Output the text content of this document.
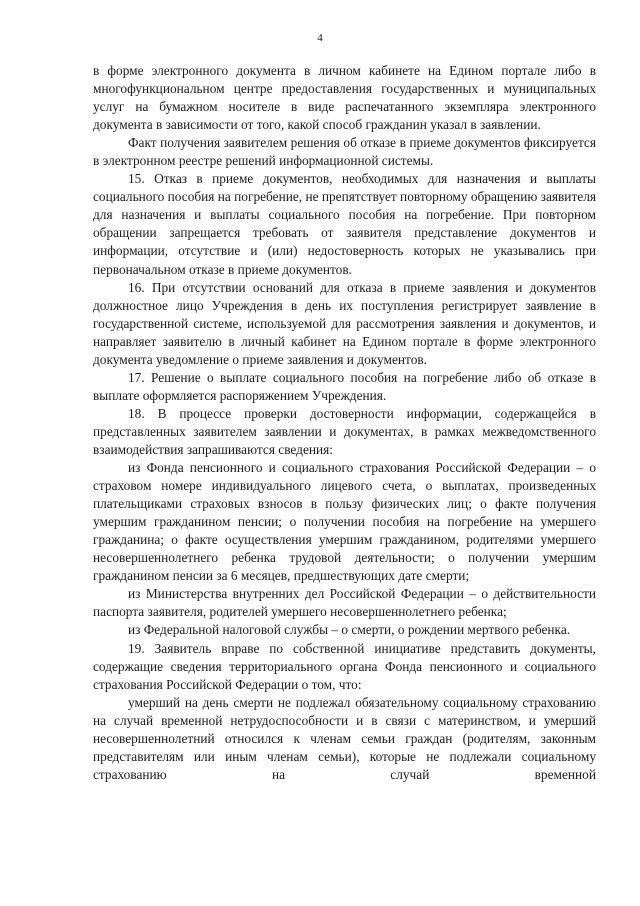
4

в форме электронного документа в личном кабинете на Едином портале либо в многофункциональном центре предоставления государственных и муниципальных услуг на бумажном носителе в виде распечатанного экземпляра электронного документа в зависимости от того, какой способ гражданин указал в заявлении.

Факт получения заявителем решения об отказе в приеме документов фиксируется в электронном реестре решений информационной системы.

15. Отказ в приеме документов, необходимых для назначения и выплаты социального пособия на погребение, не препятствует повторному обращению заявителя для назначения и выплаты социального пособия на погребение. При повторном обращении запрещается требовать от заявителя представление документов и информации, отсутствие и (или) недостоверность которых не указывались при первоначальном отказе в приеме документов.

16. При отсутствии оснований для отказа в приеме заявления и документов должностное лицо Учреждения в день их поступления регистрирует заявление в государственной системе, используемой для рассмотрения заявления и документов, и направляет заявителю в личный кабинет на Едином портале в форме электронного документа уведомление о приеме заявления и документов.

17. Решение о выплате социального пособия на погребение либо об отказе в выплате оформляется распоряжением Учреждения.

18. В процессе проверки достоверности информации, содержащейся в представленных заявителем заявлении и документах, в рамках межведомственного взаимодействия запрашиваются сведения:

из Фонда пенсионного и социального страхования Российской Федерации – о страховом номере индивидуального лицевого счета, о выплатах, произведенных плательщиками страховых взносов в пользу физических лиц; о факте получения умершим гражданином пенсии; о получении пособия на погребение на умершего гражданина; о факте осуществления умершим гражданином, родителями умершего несовершеннолетнего ребенка трудовой деятельности; о получении умершим гражданином пенсии за 6 месяцев, предшествующих дате смерти;

из Министерства внутренних дел Российской Федерации – о действительности паспорта заявителя, родителей умершего несовершеннолетнего ребенка;

из Федеральной налоговой службы – о смерти, о рождении мертвого ребенка.

19. Заявитель вправе по собственной инициативе представить документы, содержащие сведения территориального органа Фонда пенсионного и социального страхования Российской Федерации о том, что:

умерший на день смерти не подлежал обязательному социальному страхованию на случай временной нетрудоспособности и в связи с материнством, и умерший несовершеннолетний относился к членам семьи граждан (родителям, законным представителям или иным членам семьи), которые не подлежали социальному страхованию на случай временной
